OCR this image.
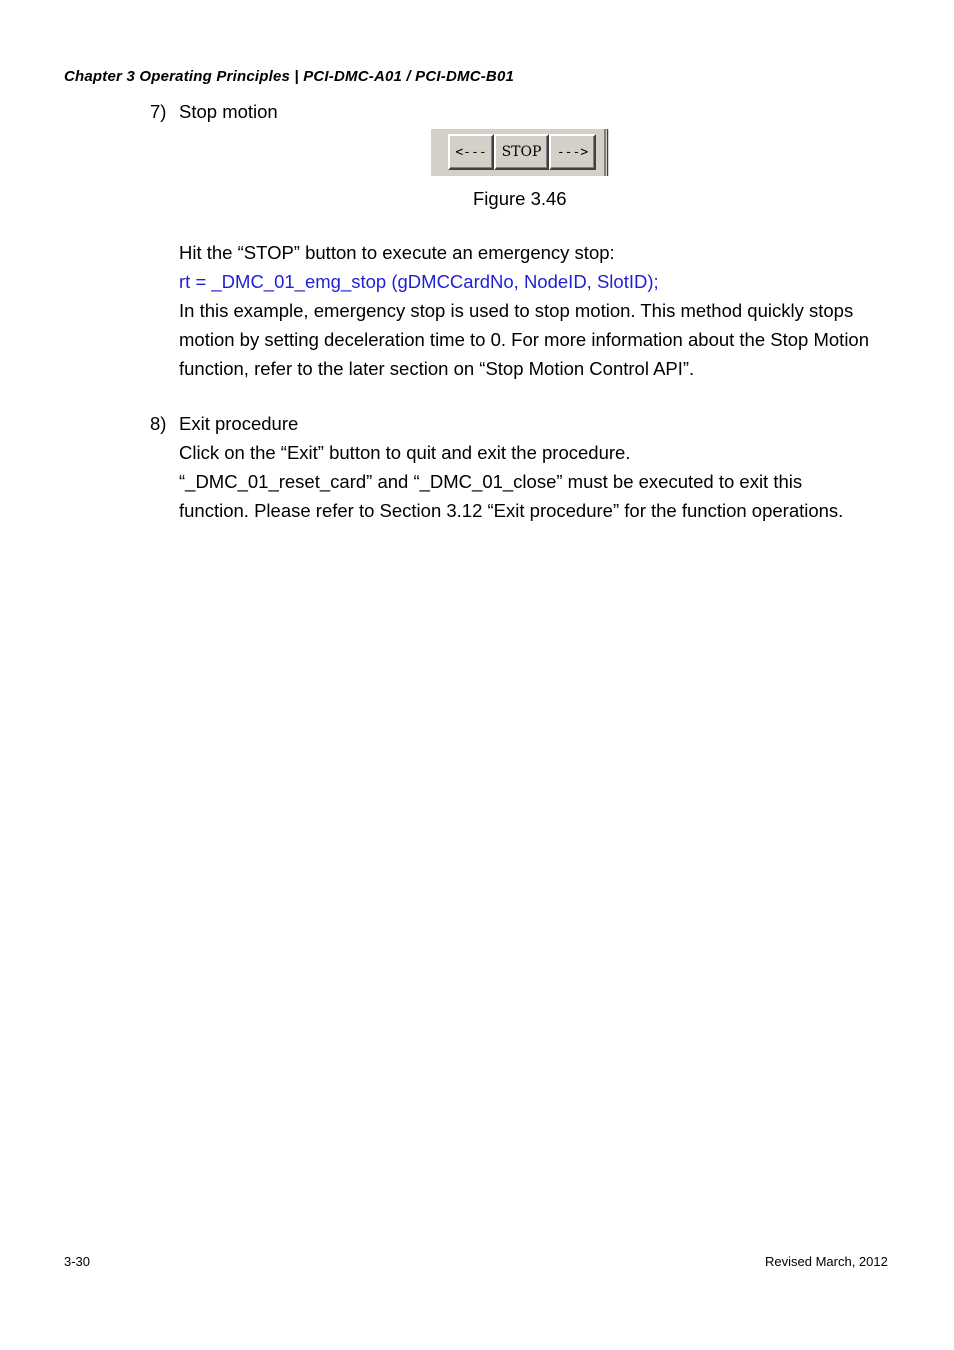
Chapter 3 Operating Principles | PCI-DMC-A01 / PCI-DMC-B01
7) Stop motion
<---	STOP	--->
Figure 3.46

Hit the “STOP” button to execute an emergency stop:

rt = _DMC_01_emg_stop (gDMCCardNo, NodeID, SlotID);

In this example, emergency stop is used to stop motion. This method quickly stops

motion by setting deceleration time to 0. For more information about the Stop Motion

function, refer to the later section on “Stop Motion Control API”.

8) Exit procedure

Click on the “Exit” button to quit and exit the procedure.

“_DMC_01_reset_card” and “_DMC_01_close” must be executed to exit this

function. Please refer to Section 3.12 “Exit procedure” for the function operations.

3-30	Revised March, 2012
